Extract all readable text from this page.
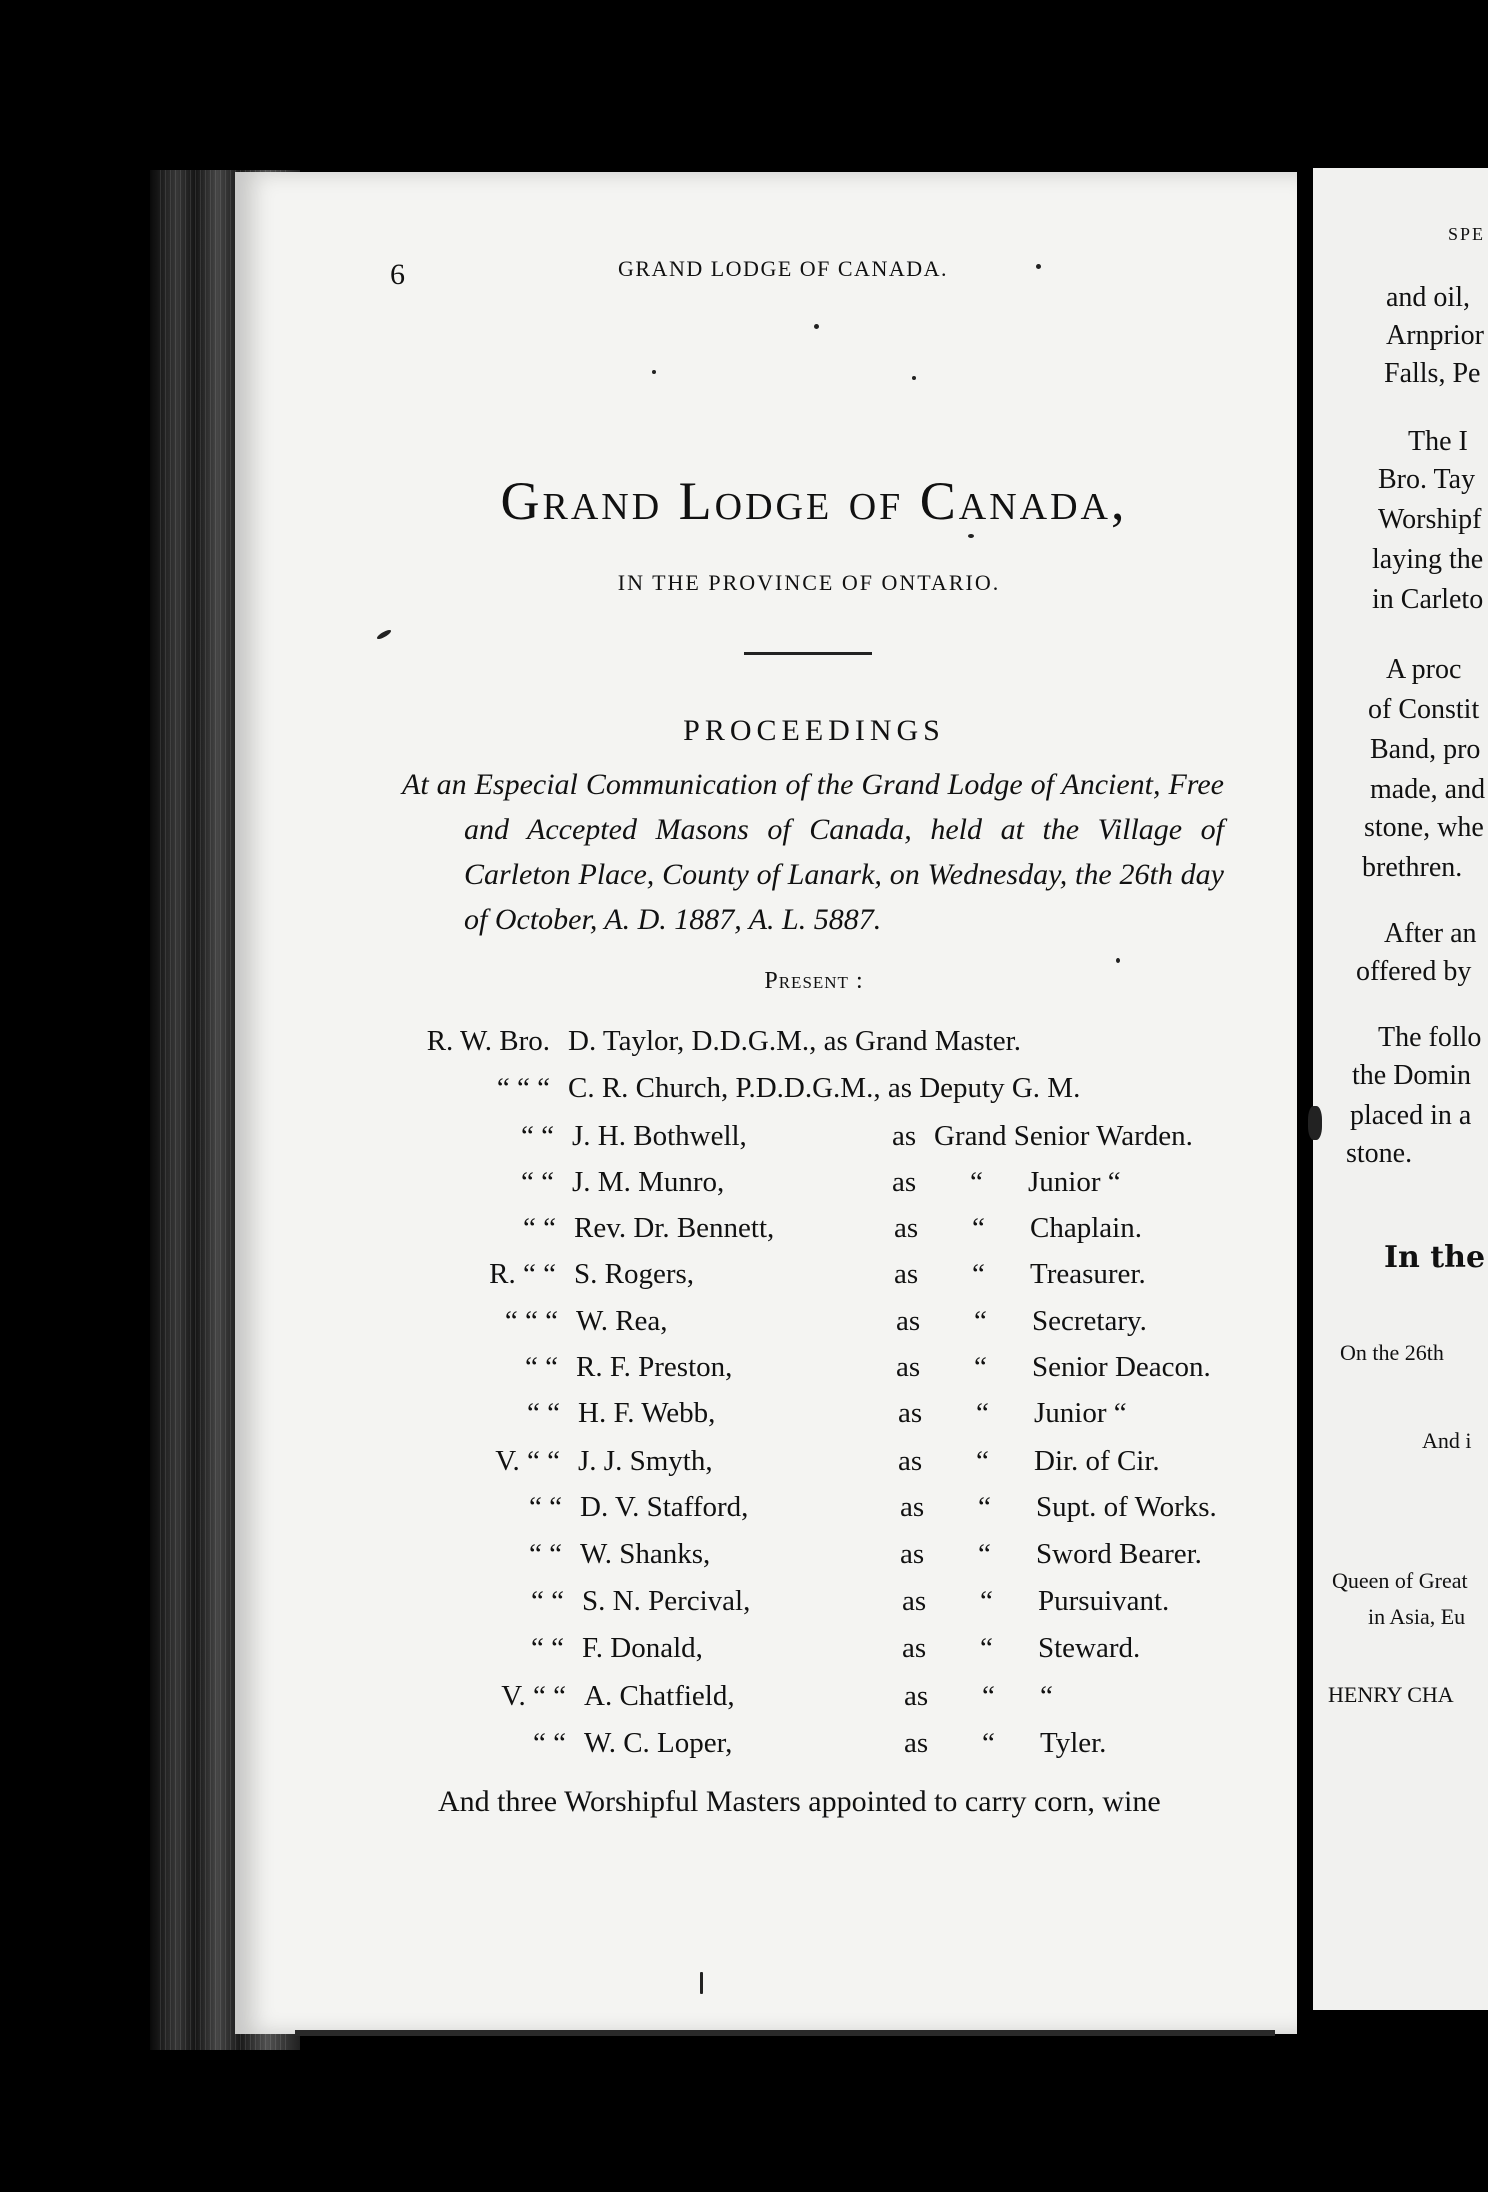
6	GRAND LODGE OF CANADA.
Grand Lodge of Canada,
IN THE PROVINCE OF ONTARIO.
PROCEEDINGS
At an Especial Communication of the Grand Lodge of Ancient, Free and Accepted Masons of Canada, held at the Village of Carleton Place, County of Lanark, on Wednesday, the 26th day of October, A. D. 1887, A. L. 5887.
Present :
R. W. Bro. D. Taylor, D.D.G.M., as Grand Master.
“ “ “ C. R. Church, P.D.D.G.M., as Deputy G. M.
“ “ J. H. Bothwell,	as Grand Senior Warden.
“ “ J. M. Munro,	as “ Junior “
“ “ Rev. Dr. Bennett,	as “ Chaplain.
R. “ “ S. Rogers,	as “ Treasurer.
“ “ “ W. Rea,	as “ Secretary.
“ “ R. F. Preston,	as “ Senior Deacon.
“ “ H. F. Webb,	as “ Junior “
V. “ “ J. J. Smyth,	as “ Dir. of Cir.
“ “ D. V. Stafford,	as “ Supt. of Works.
“ “ W. Shanks,	as “ Sword Bearer.
“ “ S. N. Percival,	as “ Pursuivant.
“ “ F. Donald,	as “ Steward.
V. “ “ A. Chatfield,	as “ “
“ “ W. C. Loper,	as “ Tyler.
And three Worshipful Masters appointed to carry corn, wine
SPE
and oil,
Arnprior
Falls, Pe
The I
Bro. Tay
Worshipf
laying the
in Carleto
A proc
of Constit
Band, pro
made, and
stone, whe
brethren.
After an
offered by
The follo
the Domin
placed in a
stone.
In the
On the 26th
And i
Queen of Great
in Asia, Eu
HENRY CHA
